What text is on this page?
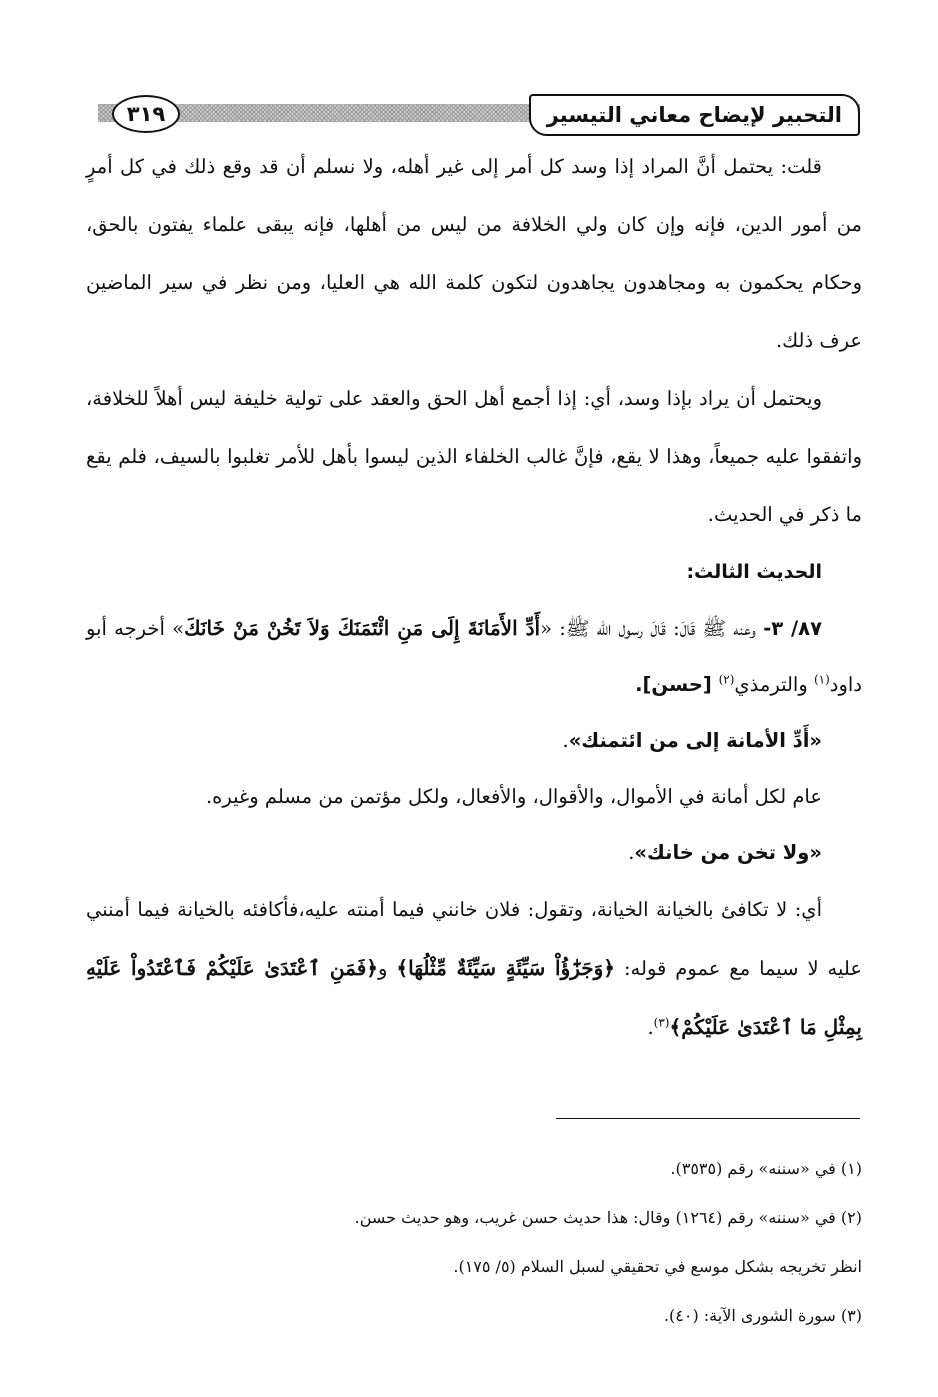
التحبير لإيضاح معاني التيسير
٣١٩

قلت: يحتمل أنَّ المراد إذا وسد كل أمر إلى غير أهله، ولا نسلم أن قد وقع ذلك في كل أمرٍ من أمور الدين، فإنه وإن كان ولي الخلافة من ليس من أهلها، فإنه يبقى علماء يفتون بالحق، وحكام يحكمون به ومجاهدون يجاهدون لتكون كلمة الله هي العليا، ومن نظر في سير الماضين عرف ذلك.

ويحتمل أن يراد بإذا وسد، أي: إذا أجمع أهل الحق والعقد على تولية خليفة ليس أهلاً للخلافة، واتفقوا عليه جميعاً، وهذا لا يقع، فإنَّ غالب الخلفاء الذين ليسوا بأهل للأمر تغلبوا بالسيف، فلم يقع ما ذكر في الحديث.

الحديث الثالث:

٨٧/ ٣- وعنه ﷺ قَالَ: قَالَ رسول الله ﷺ: «أَدِّ الأَمَانَةَ إِلَى مَنِ ائْتَمَنَكَ وَلاَ تَخُنْ مَنْ خَانَكَ» أخرجه أبو داود$^{(١)}$ والترمذي$^{(٢)}$ [حسن].

«أَدِّ الأمانة إلى من ائتمنك».

عام لكل أمانة في الأموال، والأقوال، والأفعال، ولكل مؤتمن من مسلم وغيره.

«ولا تخن من خانك».

أي: لا تكافئ بالخيانة الخيانة، وتقول: فلان خانني فيما أمنته عليه،فأكافئه بالخيانة فيما أمنني عليه لا سيما مع عموم قوله: ﴿وَجَزَٰٓؤُاْ سَيِّئَةٍ سَيِّئَةٌ مِّثْلُهَا﴾ و﴿فَمَنِ ٱعْتَدَىٰ عَلَيْكُمْ فَٱعْتَدُواْ عَلَيْهِ بِمِثْلِ مَا ٱعْتَدَىٰ عَلَيْكُمْ﴾$^{(٣)}$.

(١) في «سننه» رقم (٣٥٣٥).

(٢) في «سننه» رقم (١٢٦٤) وقال: هذا حديث حسن غريب، وهو حديث حسن.

انظر تخريجه بشكل موسع في تحقيقي لسبل السلام (٥/ ١٧٥).

(٣) سورة الشورى الآية: (٤٠).
